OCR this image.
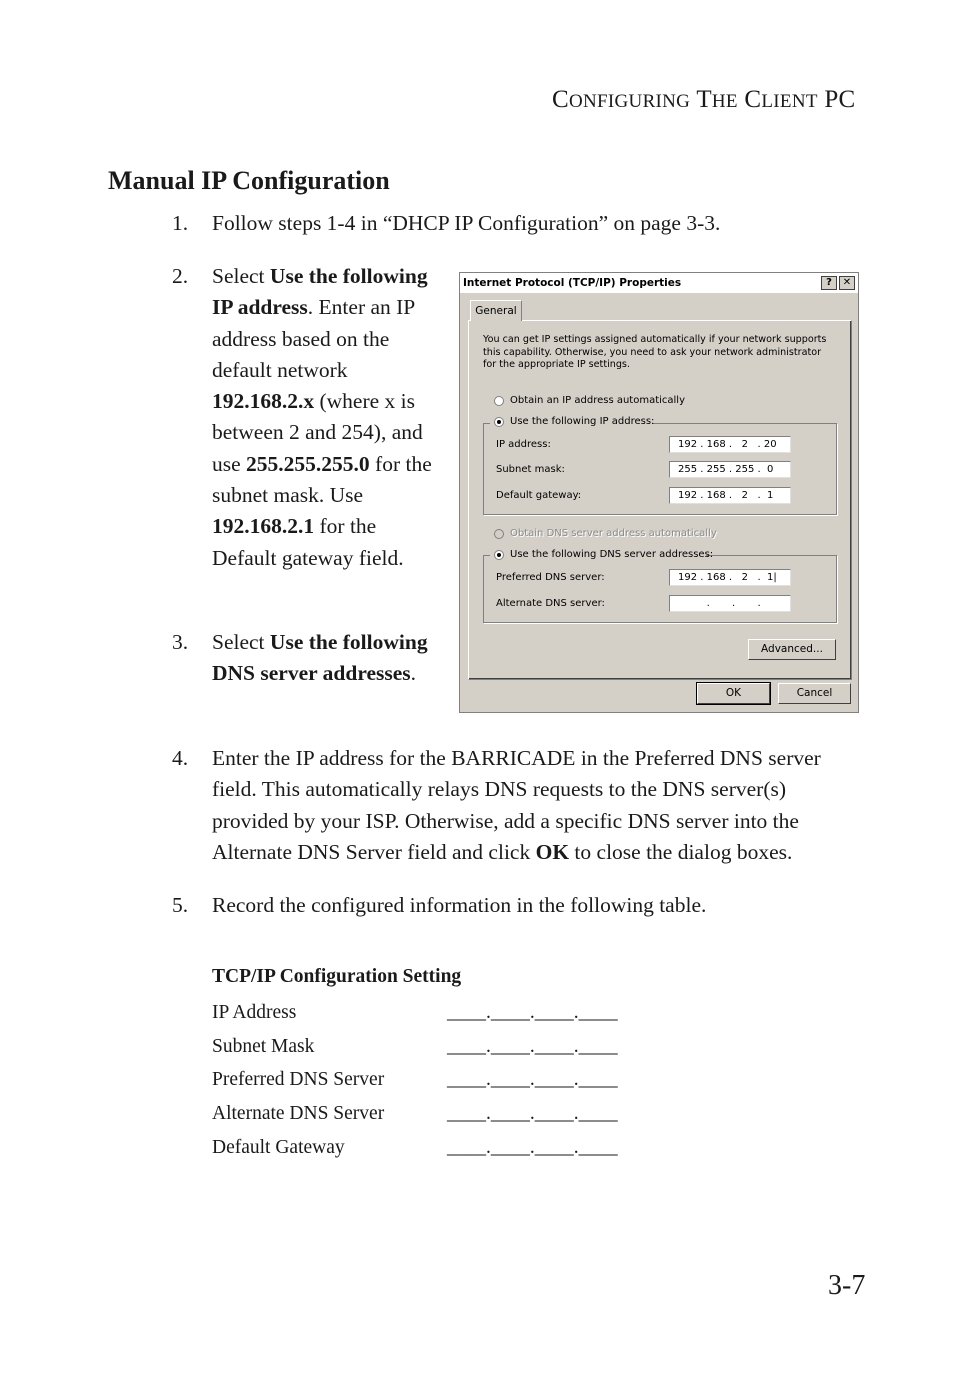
CONFIGURING THE CLIENT PC
Manual IP Configuration
1. Follow steps 1-4 in “DHCP IP Configuration” on page 3-3.
2. Select Use the following IP address. Enter an IP address based on the default network 192.168.2.x (where x is between 2 and 254), and use 255.255.255.0 for the subnet mask. Use 192.168.2.1 for the Default gateway field.
3. Select Use the following DNS server addresses.
Internet Protocol (TCP/IP) Properties	?	✕
General
You can get IP settings assigned automatically if your network supports this capability. Otherwise, you need to ask your network administrator for the appropriate IP settings.
Obtain an IP address automatically
Use the following IP address:
IP address:	192 . 168 .   2   . 20
Subnet mask:	255 . 255 . 255 .  0
Default gateway:	192 . 168 .   2   .  1
Obtain DNS server address automatically
Use the following DNS server addresses:
Preferred DNS server:	192 . 168 .   2   .  1|
Alternate DNS server:	.       .       .
Advanced...
OK	Cancel
4. Enter the IP address for the BARRICADE in the Preferred DNS server field. This automatically relays DNS requests to the DNS server(s) provided by your ISP. Otherwise, add a specific DNS server into the Alternate DNS Server field and click OK to close the dialog boxes.
5. Record the configured information in the following table.
TCP/IP Configuration Setting
IP Address	____.____.____.____
Subnet Mask	____.____.____.____
Preferred DNS Server	____.____.____.____
Alternate DNS Server	____.____.____.____
Default Gateway	____.____.____.____
3-7
